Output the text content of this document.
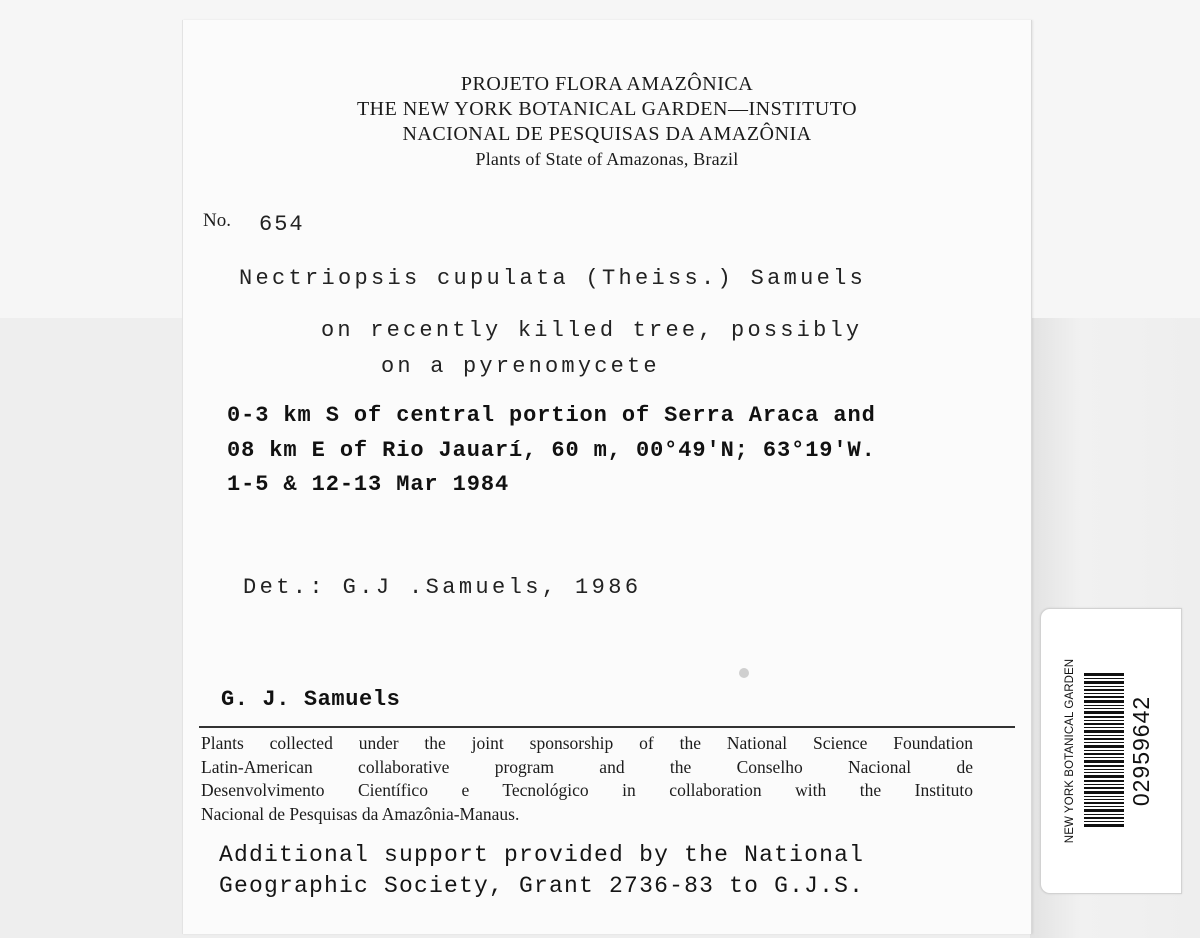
PROJETO FLORA AMAZÔNICA
THE NEW YORK BOTANICAL GARDEN—INSTITUTO
NACIONAL DE PESQUISAS DA AMAZÔNIA
Plants of State of Amazonas, Brazil
No. 654
Nectriopsis cupulata (Theiss.) Samuels
on recently killed tree, possibly
on a pyrenomycete
0-3 km S of central portion of Serra Araca and
08 km E of Rio Jauarí, 60 m, 00°49'N; 63°19'W.
1-5 & 12-13 Mar 1984
Det.: G.J .Samuels, 1986
G. J. Samuels
Plants collected under the joint sponsorship of the National Science Foundation
Latin-American collaborative program and the Conselho Nacional de
Desenvolvimento Científico e Tecnológico in collaboration with the Instituto
Nacional de Pesquisas da Amazônia-Manaus.
Additional support provided by the National
Geographic Society, Grant 2736-83 to G.J.S.
NEW YORK BOTANICAL GARDEN 02959642
